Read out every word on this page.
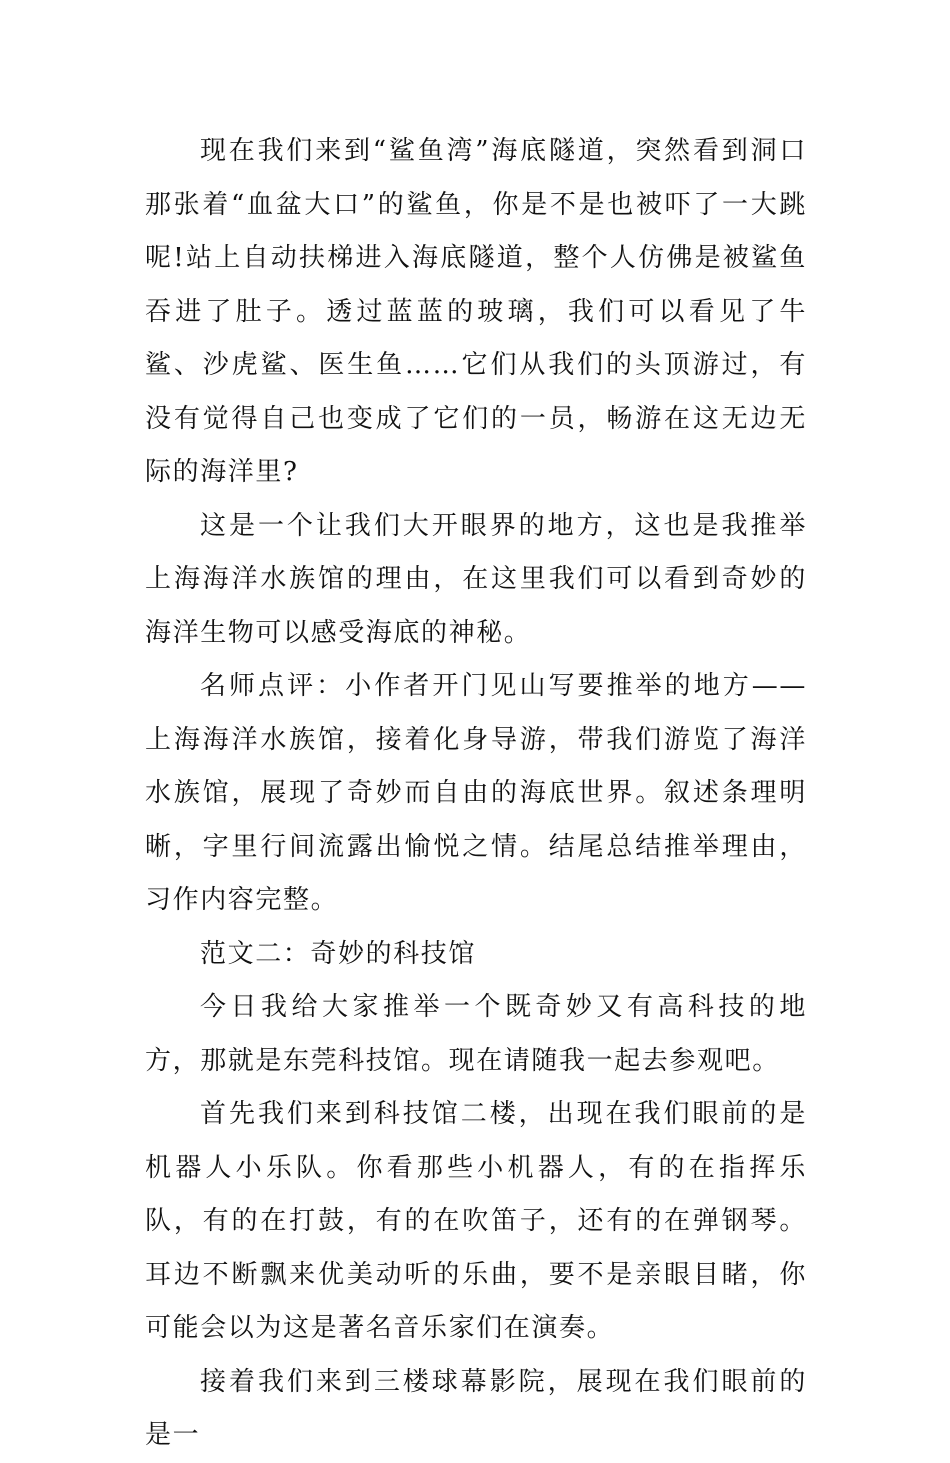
现在我们来到“鲨鱼湾”海底隧道，突然看到洞口那张着“血盆大口”的鲨鱼，你是不是也被吓了一大跳呢!站上自动扶梯进入海底隧道，整个人仿佛是被鲨鱼吞进了肚子。透过蓝蓝的玻璃，我们可以看见了牛鲨、沙虎鲨、医生鱼……它们从我们的头顶游过，有没有觉得自己也变成了它们的一员，畅游在这无边无际的海洋里?

这是一个让我们大开眼界的地方，这也是我推举上海海洋水族馆的理由，在这里我们可以看到奇妙的海洋生物可以感受海底的神秘。

名师点评：小作者开门见山写要推举的地方——上海海洋水族馆，接着化身导游，带我们游览了海洋水族馆，展现了奇妙而自由的海底世界。叙述条理明晰，字里行间流露出愉悦之情。结尾总结推举理由，习作内容完整。

范文二：奇妙的科技馆

今日我给大家推举一个既奇妙又有高科技的地方，那就是东莞科技馆。现在请随我一起去参观吧。

首先我们来到科技馆二楼，出现在我们眼前的是机器人小乐队。你看那些小机器人，有的在指挥乐队，有的在打鼓，有的在吹笛子，还有的在弹钢琴。耳边不断飘来优美动听的乐曲，要不是亲眼目睹，你可能会以为这是著名音乐家们在演奏。

接着我们来到三楼球幕影院，展现在我们眼前的是一
